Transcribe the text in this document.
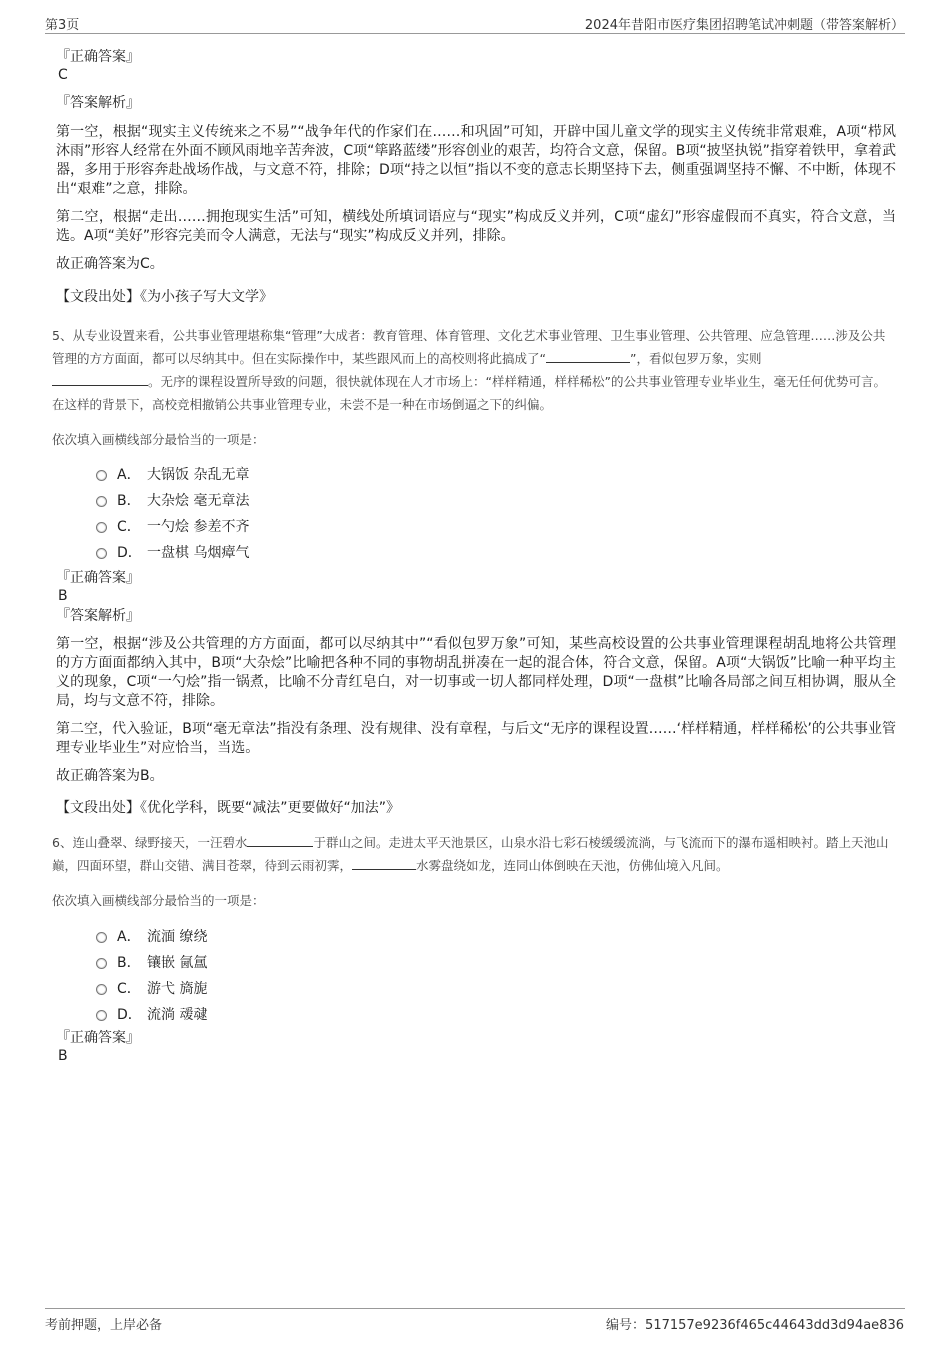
第3页	2024年昔阳市医疗集团招聘笔试冲刺题（带答案解析）
『正确答案』
C
『答案解析』

第一空，根据“现实主义传统来之不易”“战争年代的作家们在……和巩固”可知，开辟中国儿童文学的现实主义传统非常艰难，A项“栉风沐雨”形容人经常在外面不顾风雨地辛苦奔波，C项“筚路蓝缕”形容创业的艰苦，均符合文意，保留。B项“披坚执锐”指穿着铁甲，拿着武器，多用于形容奔赴战场作战，与文意不符，排除；D项“持之以恒”指以不变的意志长期坚持下去，侧重强调坚持不懈、不中断，体现不出“艰难”之意，排除。

第二空，根据“走出……拥抱现实生活”可知，横线处所填词语应与“现实”构成反义并列，C项“虚幻”形容虚假而不真实，符合文意，当选。A项“美好”形容完美而令人满意，无法与“现实”构成反义并列，排除。

故正确答案为C。

【文段出处】《为小孩子写大文学》

5、从专业设置来看，公共事业管理堪称集“管理”大成者：教育管理、体育管理、文化艺术事业管理、卫生事业管理、公共管理、应急管理……涉及公共管理的方方面面，都可以尽纳其中。但在实际操作中，某些跟风而上的高校则将此搞成了“	”，看似包罗万象，实则
。无序的课程设置所导致的问题，很快就体现在人才市场上：“样样精通，样样稀松”的公共事业管理专业毕业生，毫无任何优势可言。在这样的背景下，高校竞相撤销公共事业管理专业，未尝不是一种在市场倒逼之下的纠偏。

依次填入画横线部分最恰当的一项是：
A． 大锅饭 杂乱无章
B． 大杂烩 毫无章法
C． 一勺烩 参差不齐
D． 一盘棋 乌烟瘴气
『正确答案』
B
『答案解析』

第一空，根据“涉及公共管理的方方面面，都可以尽纳其中”“看似包罗万象”可知，某些高校设置的公共事业管理课程胡乱地将公共管理的方方面面都纳入其中，B项“大杂烩”比喻把各种不同的事物胡乱拼凑在一起的混合体，符合文意，保留。A项“大锅饭”比喻一种平均主义的现象，C项“一勺烩”指一锅煮，比喻不分青红皂白，对一切事或一切人都同样处理，D项“一盘棋”比喻各局部之间互相协调，服从全局，均与文意不符，排除。

第二空，代入验证，B项“毫无章法”指没有条理、没有规律、没有章程，与后文“无序的课程设置……‘样样精通，样样稀松’的公共事业管理专业毕业生”对应恰当，当选。

故正确答案为B。

【文段出处】《优化学科，既要“减法”更要做好“加法”》

6、连山叠翠、绿野接天，一汪碧水	于群山之间。走进太平天池景区，山泉水沿七彩石棱缓缓流淌，与飞流而下的瀑布遥相映衬。踏上天池山巅，四面环望，群山交错、满目苍翠，待到云雨初霁，	水雾盘绕如龙，连同山体倒映在天池，仿佛仙境入凡间。

依次填入画横线部分最恰当的一项是：
A． 流湎 缭绕
B． 镶嵌 氤氲
C． 游弋 旖旎
D． 流淌 叆叇
『正确答案』
B
考前押题，上岸必备	编号：517157e9236f465c44643dd3d94ae836
